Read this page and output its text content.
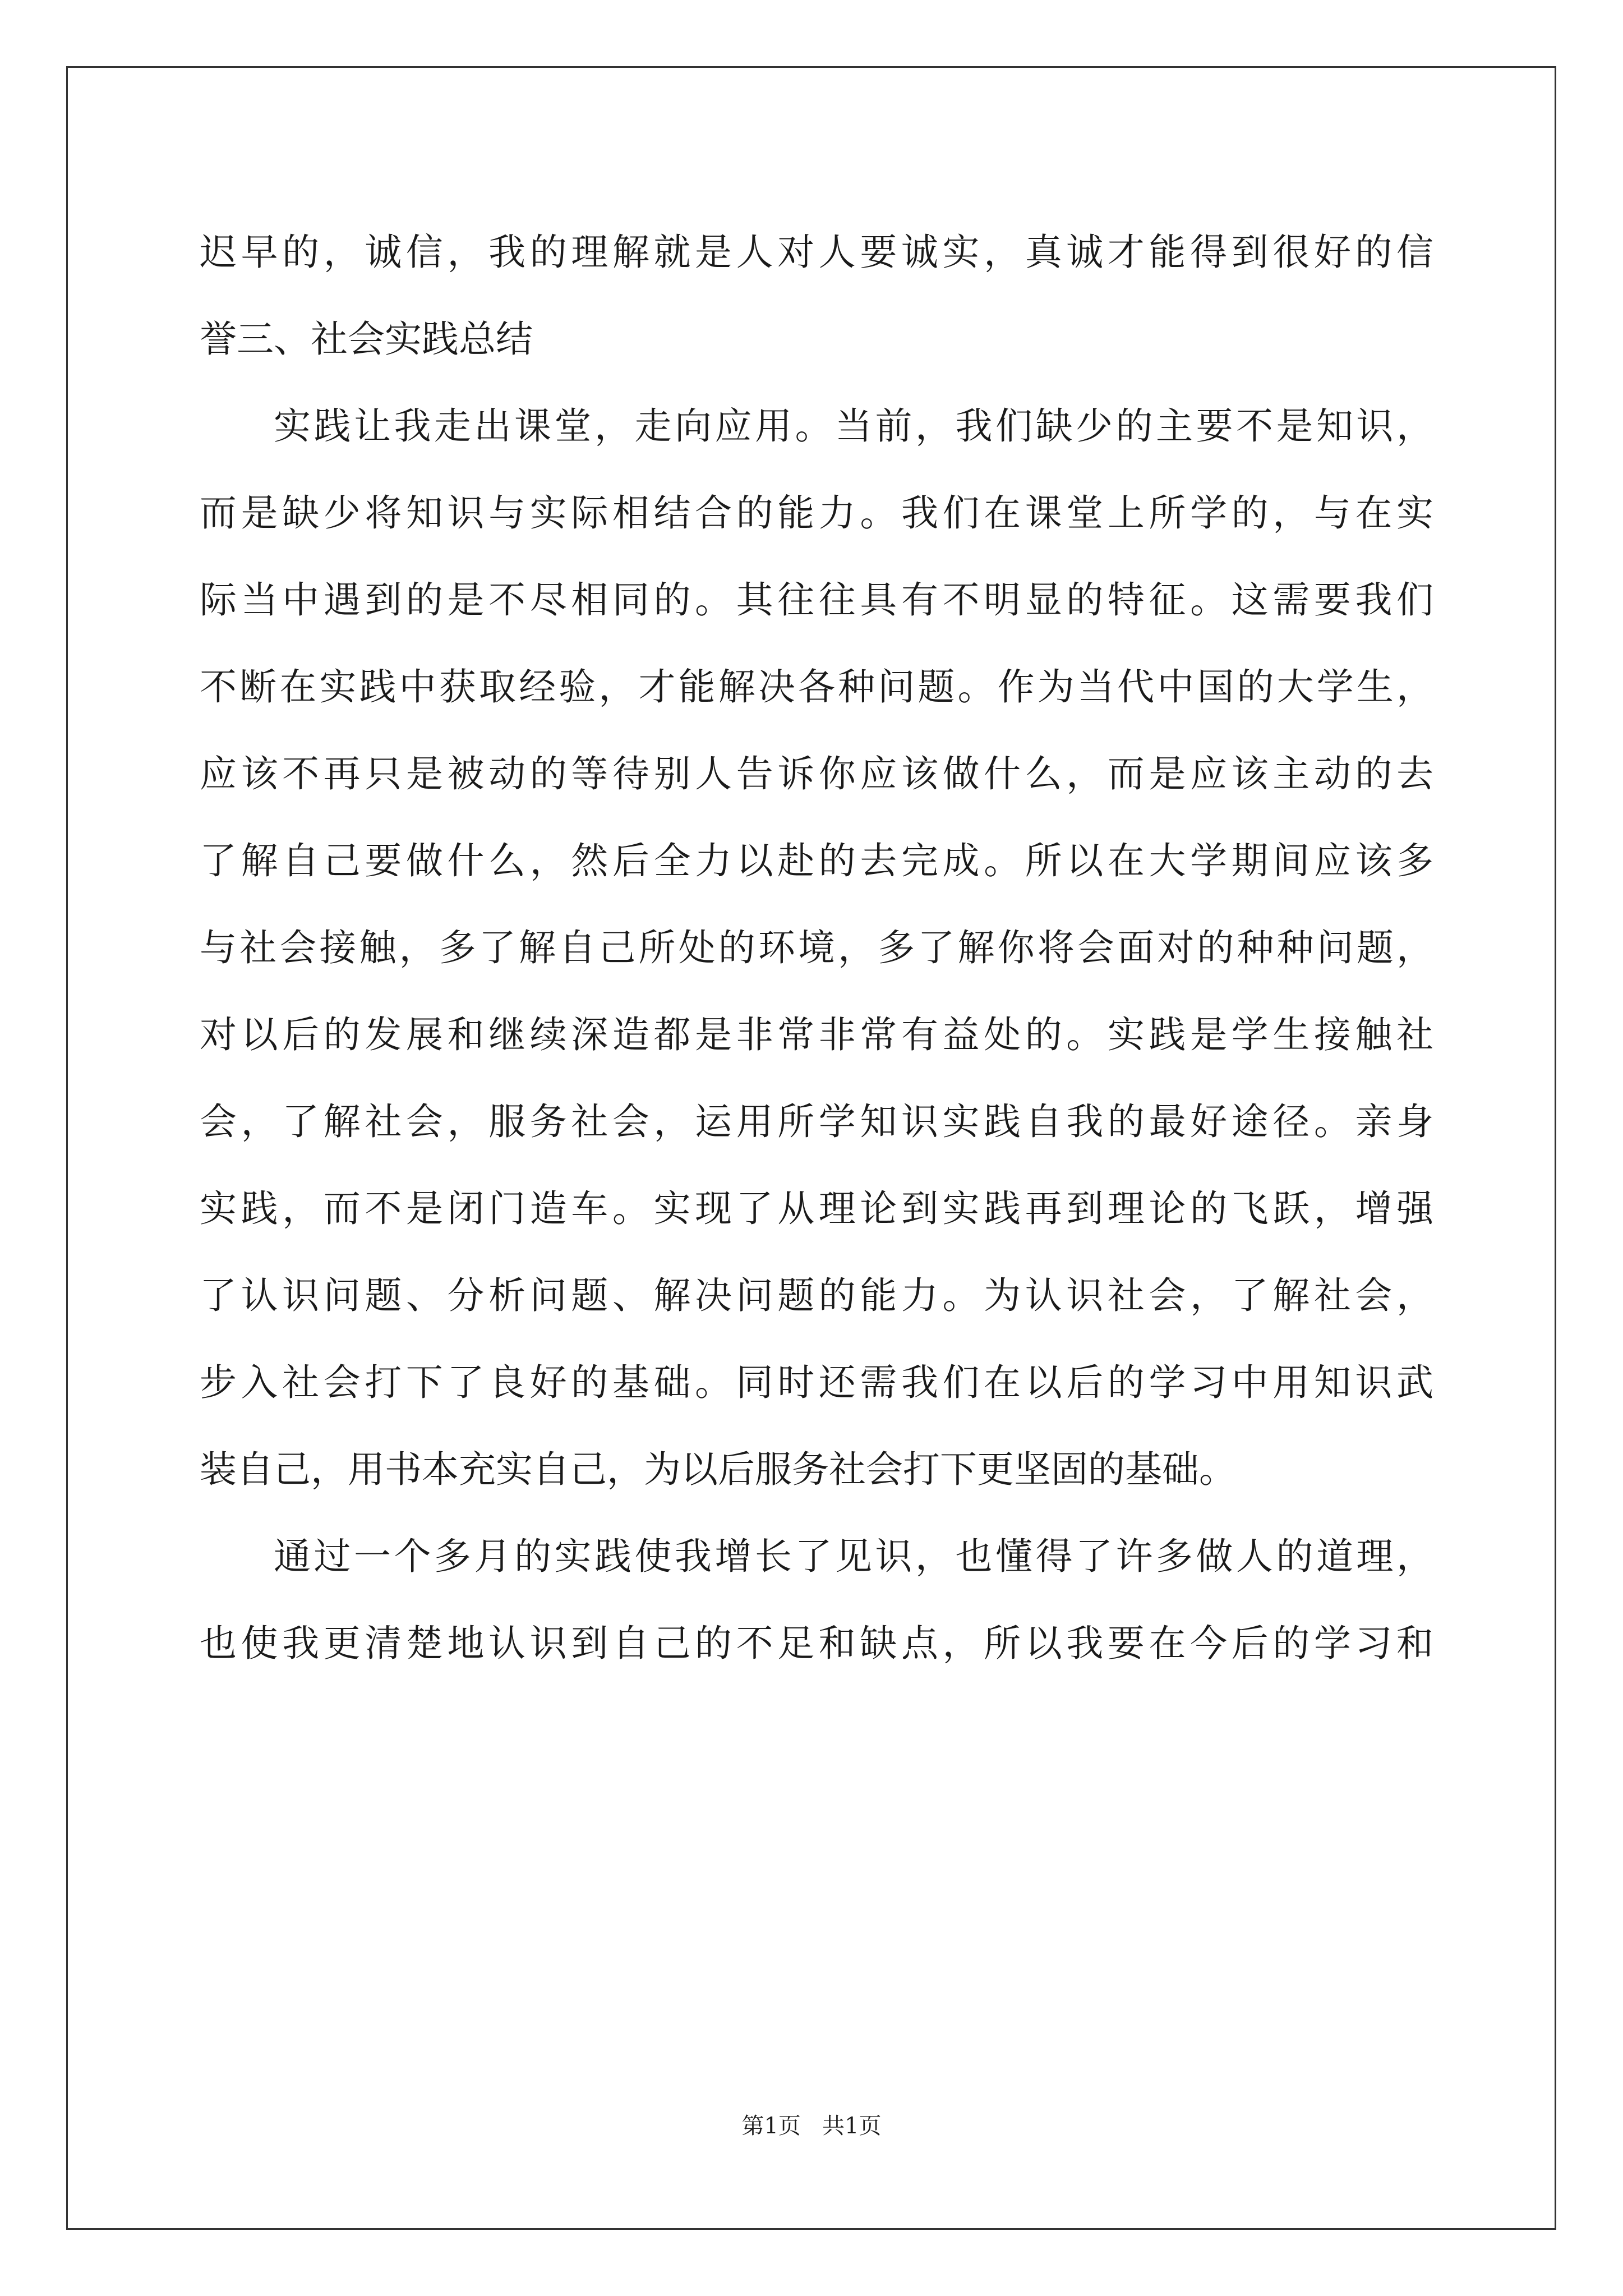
迟早的，诚信，我的理解就是人对人要诚实，真诚才能得到很好的信
誉三、社会实践总结
实践让我走出课堂，走向应用。当前，我们缺少的主要不是知识，
而是缺少将知识与实际相结合的能力。我们在课堂上所学的，与在实
际当中遇到的是不尽相同的。其往往具有不明显的特征。这需要我们
不断在实践中获取经验，才能解决各种问题。作为当代中国的大学生，
应该不再只是被动的等待别人告诉你应该做什么，而是应该主动的去
了解自己要做什么，然后全力以赴的去完成。所以在大学期间应该多
与社会接触，多了解自己所处的环境，多了解你将会面对的种种问题，
对以后的发展和继续深造都是非常非常有益处的。实践是学生接触社
会，了解社会，服务社会，运用所学知识实践自我的最好途径。亲身
实践，而不是闭门造车。实现了从理论到实践再到理论的飞跃，增强
了认识问题、分析问题、解决问题的能力。为认识社会，了解社会，
步入社会打下了良好的基础。同时还需我们在以后的学习中用知识武
装自己，用书本充实自己，为以后服务社会打下更坚固的基础。
通过一个多月的实践使我增长了见识，也懂得了许多做人的道理，
也使我更清楚地认识到自己的不足和缺点，所以我要在今后的学习和
第1页   共1页
